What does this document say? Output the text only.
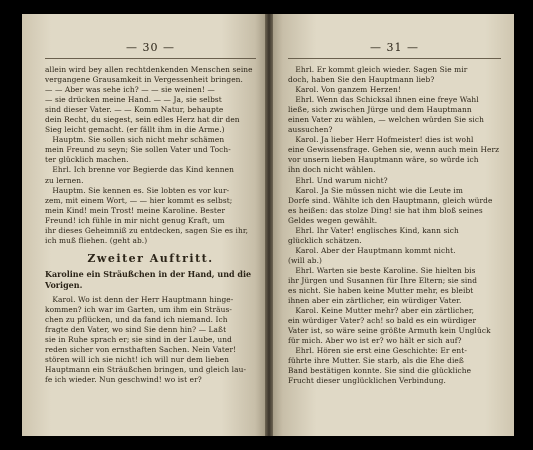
— 30 —
allein wird bey allen rechtdenkenden Menschen seine
vergangene Grausamkeit in Vergessenheit bringen.
— — Aber was sehe ich? — — sie weinen! —
— sie drücken meine Hand. — — Ja, sie selbst
sind dieser Vater. — — Komm Natur, behaupte
dein Recht, du siegest, sein edles Herz hat dir den
Sieg leicht gemacht. (er fällt ihm in die Arme.)
Hauptm. Sie sollen sich nicht mehr schämen
mein Freund zu seyn; Sie sollen Vater und Toch-
ter glücklich machen.
Ehrl. Ich brenne vor Begierde das Kind kennen
zu lernen.
Hauptm. Sie kennen es. Sie lobten es vor kur-
zem, mit einem Wort, — — hier kommt es selbst;
mein Kind! mein Trost! meine Karoline. Bester
Freund! ich fühle in mir nicht genug Kraft, um
ihr dieses Geheimniß zu entdecken, sagen Sie es ihr,
ich muß fliehen. (geht ab.)
Zweiter Auftritt.
Karoline ein Sträußchen in der Hand, und die
Vorigen.
Karol. Wo ist denn der Herr Hauptmann hinge-
kommen? ich war im Garten, um ihm ein Sträus-
chen zu pflücken, und da fand ich niemand. Ich
fragte den Vater, wo sind Sie denn hin? — Laßt
sie in Ruhe sprach er; sie sind in der Laube, und
reden sicher von ernsthaften Sachen. Nein Vater!
stören will ich sie nicht! ich will nur dem lieben
Hauptmann ein Sträußchen bringen, und gleich lau-
fe ich wieder. Nun geschwind! wo ist er?
— 31 —
Ehrl. Er kommt gleich wieder. Sagen Sie mir
doch, haben Sie den Hauptmann lieb?
Karol. Von ganzem Herzen!
Ehrl. Wenn das Schicksal ihnen eine freye Wahl
ließe, sich zwischen Jürge und dem Hauptmann
einen Vater zu wählen, — welchen würden Sie sich
aussuchen?
Karol. Ja lieber Herr Hofmeister! dies ist wohl
eine Gewissensfrage. Gehen sie, wenn auch mein Herz
vor unsern lieben Hauptmann wäre, so würde ich
ihn doch nicht wählen.
Ehrl. Und warum nicht?
Karol. Ja Sie müssen nicht wie die Leute im
Dorfe sind. Wählte ich den Hauptmann, gleich würde
es heißen: das stolze Ding! sie hat ihm bloß seines
Geldes wegen gewählt.
Ehrl. Ihr Vater! englisches Kind, kann sich
glücklich schätzen.
Karol. Aber der Hauptmann kommt nicht.
(will ab.)
Ehrl. Warten sie beste Karoline. Sie hielten bis
ihr Jürgen und Susannen für Ihre Eltern; sie sind
es nicht. Sie haben keine Mutter mehr, es bleibt
ihnen aber ein zärtlicher, ein würdiger Vater.
Karol. Keine Mutter mehr? aber ein zärtlicher,
ein würdiger Vater? ach! so bald es ein würdiger
Vater ist, so wäre seine größte Armuth kein Unglück
für mich. Aber wo ist er? wo hält er sich auf?
Ehrl. Hören sie erst eine Geschichte: Er ent-
führte ihre Mutter. Sie starb, als die Ehe dieß
Band bestätigen konnte. Sie sind die glückliche
Frucht dieser unglücklichen Verbindung.
